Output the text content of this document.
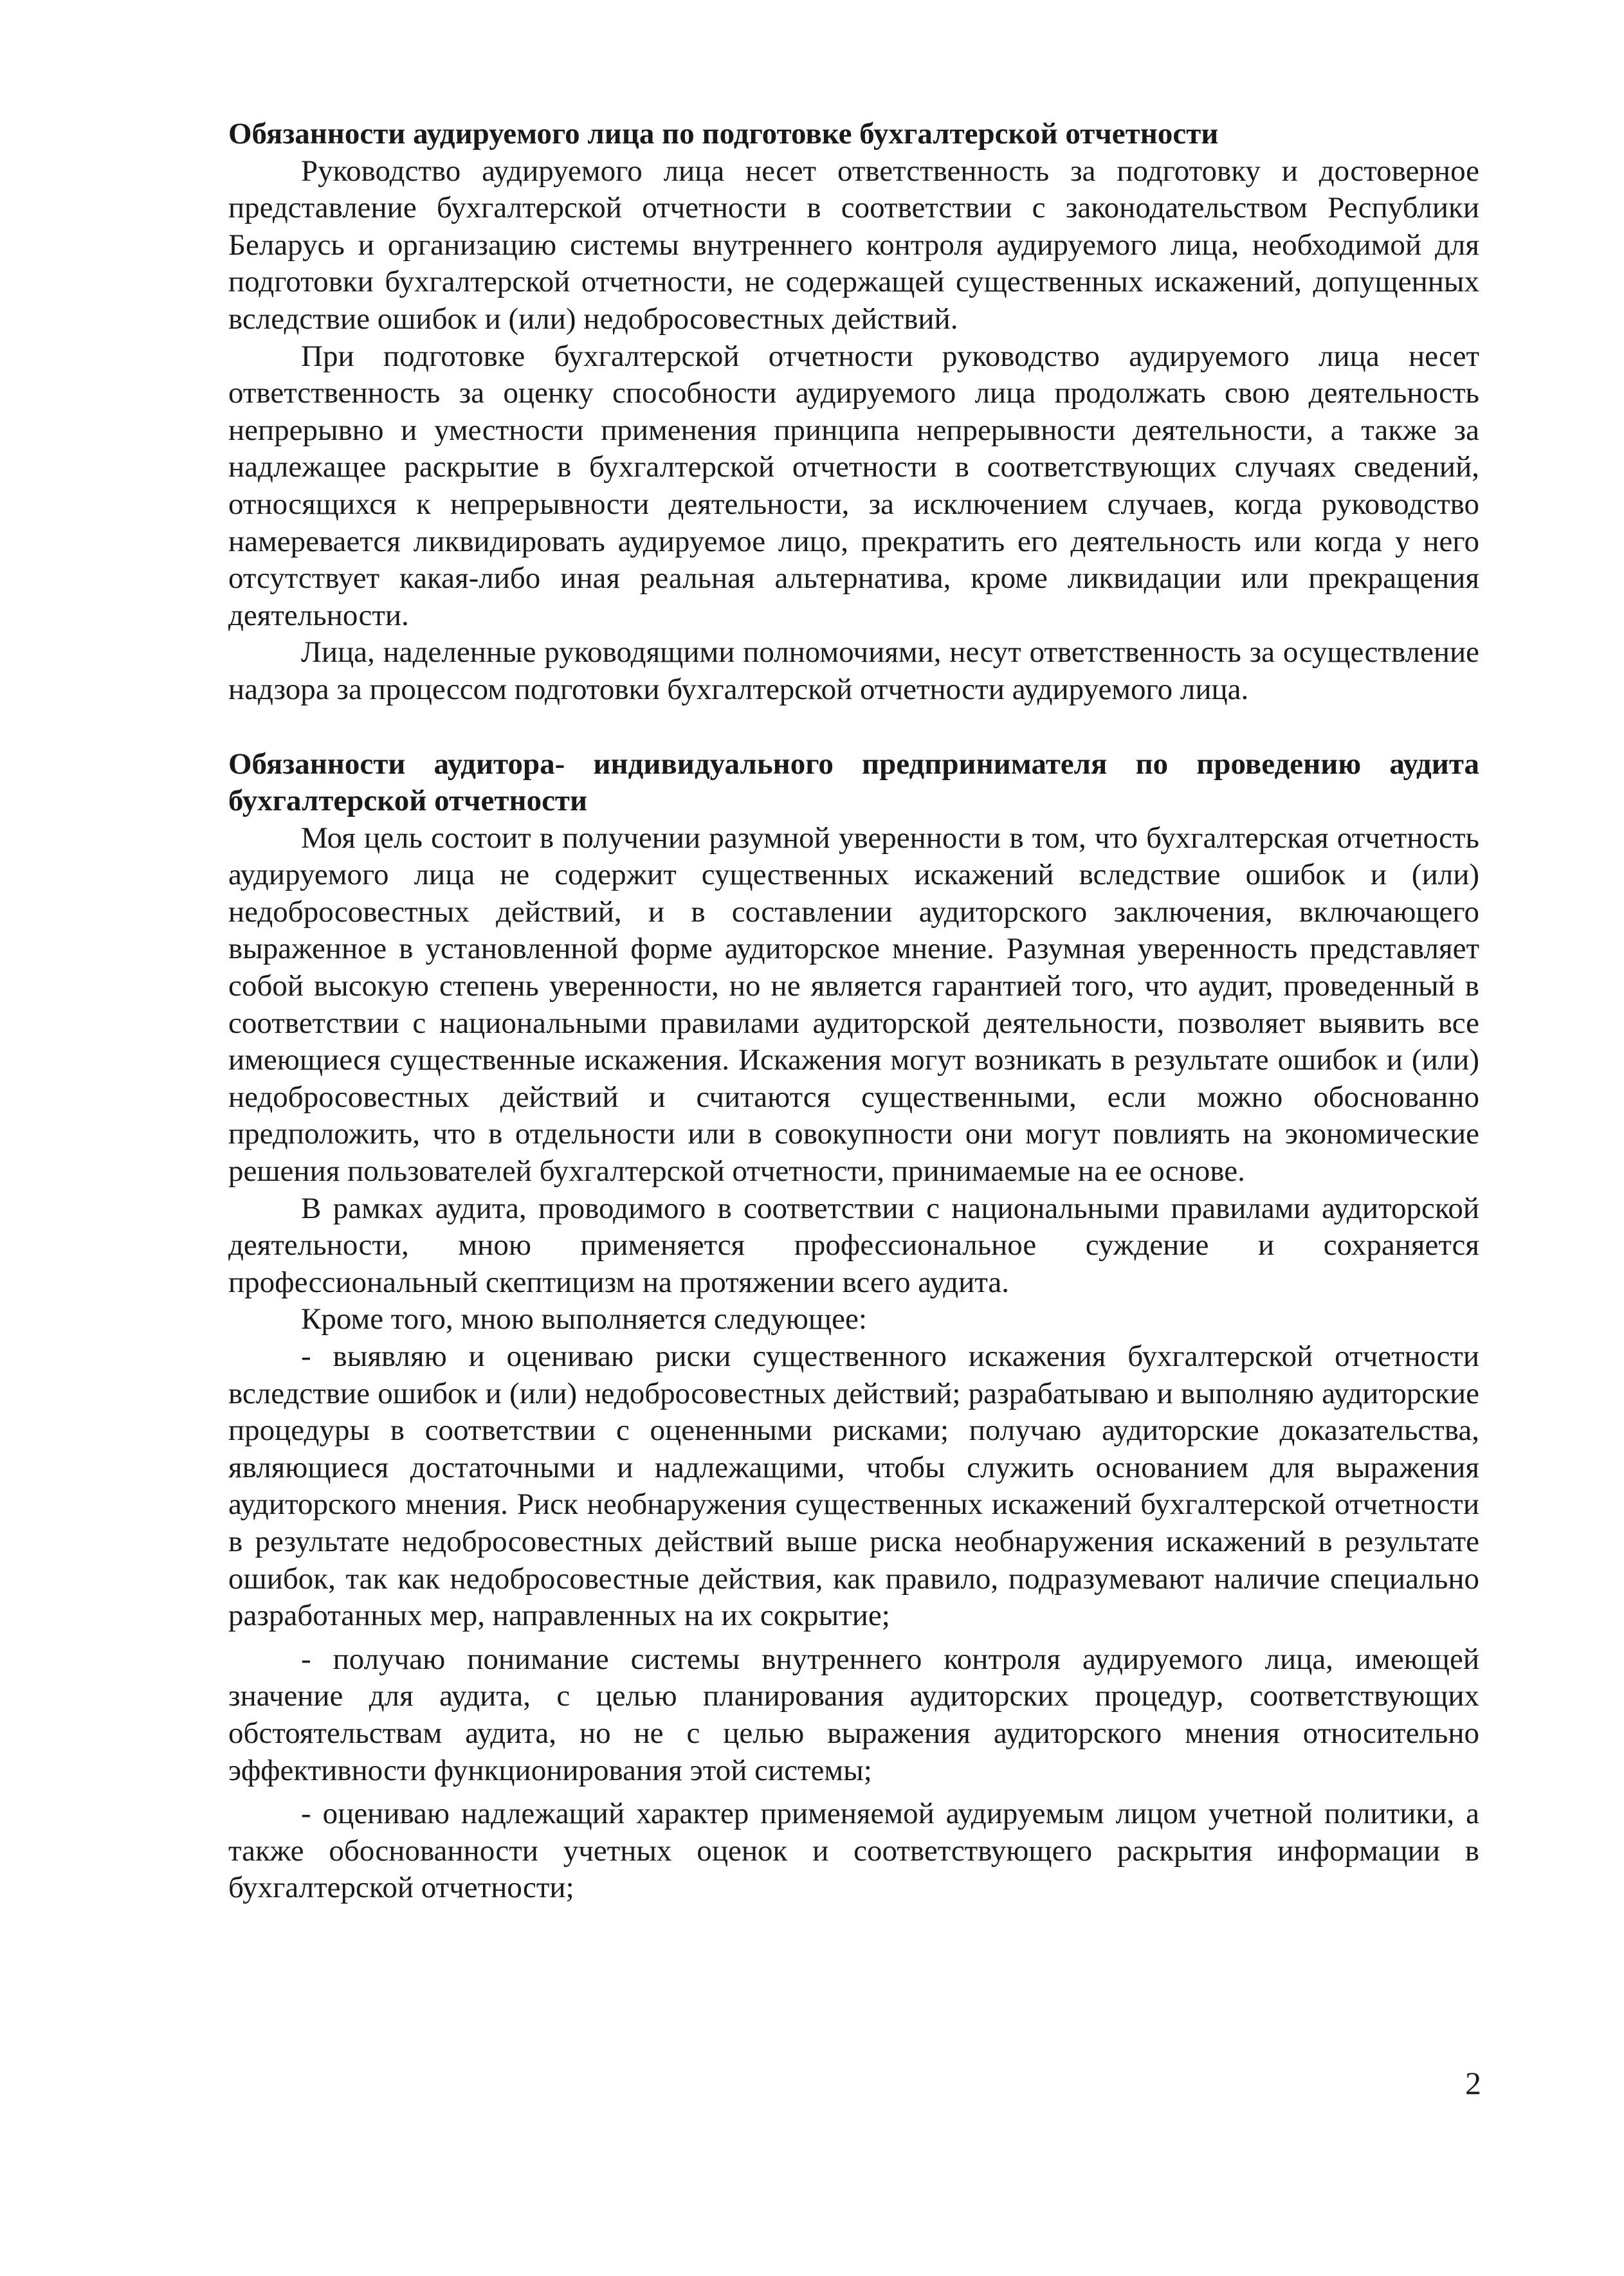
Обязанности аудируемого лица по подготовке бухгалтерской отчетности

Руководство аудируемого лица несет ответственность за подготовку и достоверное представление бухгалтерской отчетности в соответствии с законодательством Республики Беларусь и организацию системы внутреннего контроля аудируемого лица, необходимой для подготовки бухгалтерской отчетности, не содержащей существенных искажений, допущенных вследствие ошибок и (или) недобросовестных действий.

При подготовке бухгалтерской отчетности руководство аудируемого лица несет ответственность за оценку способности аудируемого лица продолжать свою деятельность непрерывно и уместности применения принципа непрерывности деятельности, а также за надлежащее раскрытие в бухгалтерской отчетности в соответствующих случаях сведений, относящихся к непрерывности деятельности, за исключением случаев, когда руководство намеревается ликвидировать аудируемое лицо, прекратить его деятельность или когда у него отсутствует какая-либо иная реальная альтернатива, кроме ликвидации или прекращения деятельности.

Лица, наделенные руководящими полномочиями, несут ответственность за осуществление надзора за процессом подготовки бухгалтерской отчетности аудируемого лица.

Обязанности аудитора- индивидуального предпринимателя по проведению аудита бухгалтерской отчетности

Моя цель состоит в получении разумной уверенности в том, что бухгалтерская отчетность аудируемого лица не содержит существенных искажений вследствие ошибок и (или) недобросовестных действий, и в составлении аудиторского заключения, включающего выраженное в установленной форме аудиторское мнение. Разумная уверенность представляет собой высокую степень уверенности, но не является гарантией того, что аудит, проведенный в соответствии с национальными правилами аудиторской деятельности, позволяет выявить все имеющиеся существенные искажения. Искажения могут возникать в результате ошибок и (или) недобросовестных действий и считаются существенными, если можно обоснованно предположить, что в отдельности или в совокупности они могут повлиять на экономические решения пользователей бухгалтерской отчетности, принимаемые на ее основе.

В рамках аудита, проводимого в соответствии с национальными правилами аудиторской деятельности, мною применяется профессиональное суждение и сохраняется профессиональный скептицизм на протяжении всего аудита.

Кроме того, мною выполняется следующее:

- выявляю и оцениваю риски существенного искажения бухгалтерской отчетности вследствие ошибок и (или) недобросовестных действий; разрабатываю и выполняю аудиторские процедуры в соответствии с оцененными рисками; получаю аудиторские доказательства, являющиеся достаточными и надлежащими, чтобы служить основанием для выражения аудиторского мнения. Риск необнаружения существенных искажений бухгалтерской отчетности в результате недобросовестных действий выше риска необнаружения искажений в результате ошибок, так как недобросовестные действия, как правило, подразумевают наличие специально разработанных мер, направленных на их сокрытие;

- получаю понимание системы внутреннего контроля аудируемого лица, имеющей значение для аудита, с целью планирования аудиторских процедур, соответствующих обстоятельствам аудита, но не с целью выражения аудиторского мнения относительно эффективности функционирования этой системы;

- оцениваю надлежащий характер применяемой аудируемым лицом учетной политики, а также обоснованности учетных оценок и соответствующего раскрытия информации в бухгалтерской отчетности;

2
